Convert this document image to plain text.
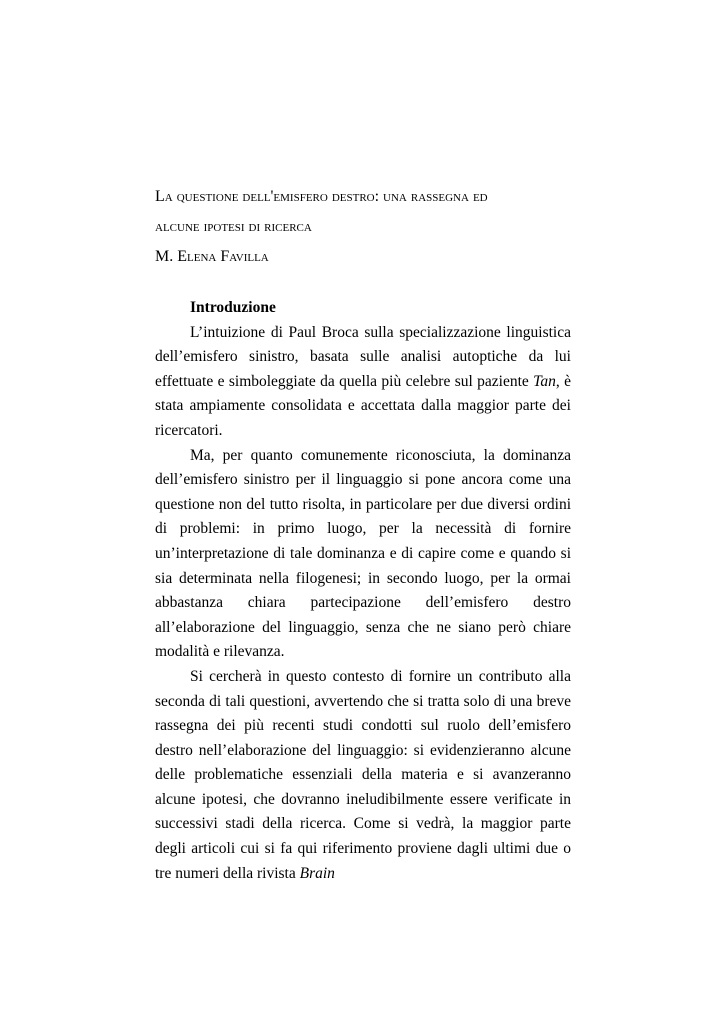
La questione dell'emisfero destro: una rassegna ed
alcune ipotesi di ricerca
M. Elena Favilla

Introduzione

L’intuizione di Paul Broca sulla specializzazione linguistica dell’emisfero sinistro, basata sulle analisi autoptiche da lui effettuate e simboleggiate da quella più celebre sul paziente Tan, è stata ampiamente consolidata e accettata dalla maggior parte dei ricercatori.

Ma, per quanto comunemente riconosciuta, la dominanza dell’emisfero sinistro per il linguaggio si pone ancora come una questione non del tutto risolta, in particolare per due diversi ordini di problemi: in primo luogo, per la necessità di fornire un’interpretazione di tale dominanza e di capire come e quando si sia determinata nella filogenesi; in secondo luogo, per la ormai abbastanza chiara partecipazione dell’emisfero destro all’elaborazione del linguaggio, senza che ne siano però chiare modalità e rilevanza.

Si cercherà in questo contesto di fornire un contributo alla seconda di tali questioni, avvertendo che si tratta solo di una breve rassegna dei più recenti studi condotti sul ruolo dell’emisfero destro nell’elaborazione del linguaggio: si evidenzieranno alcune delle problematiche essenziali della materia e si avanzeranno alcune ipotesi, che dovranno ineludibilmente essere verificate in successivi stadi della ricerca. Come si vedrà, la maggior parte degli articoli cui si fa qui riferimento proviene dagli ultimi due o tre numeri della rivista Brain
